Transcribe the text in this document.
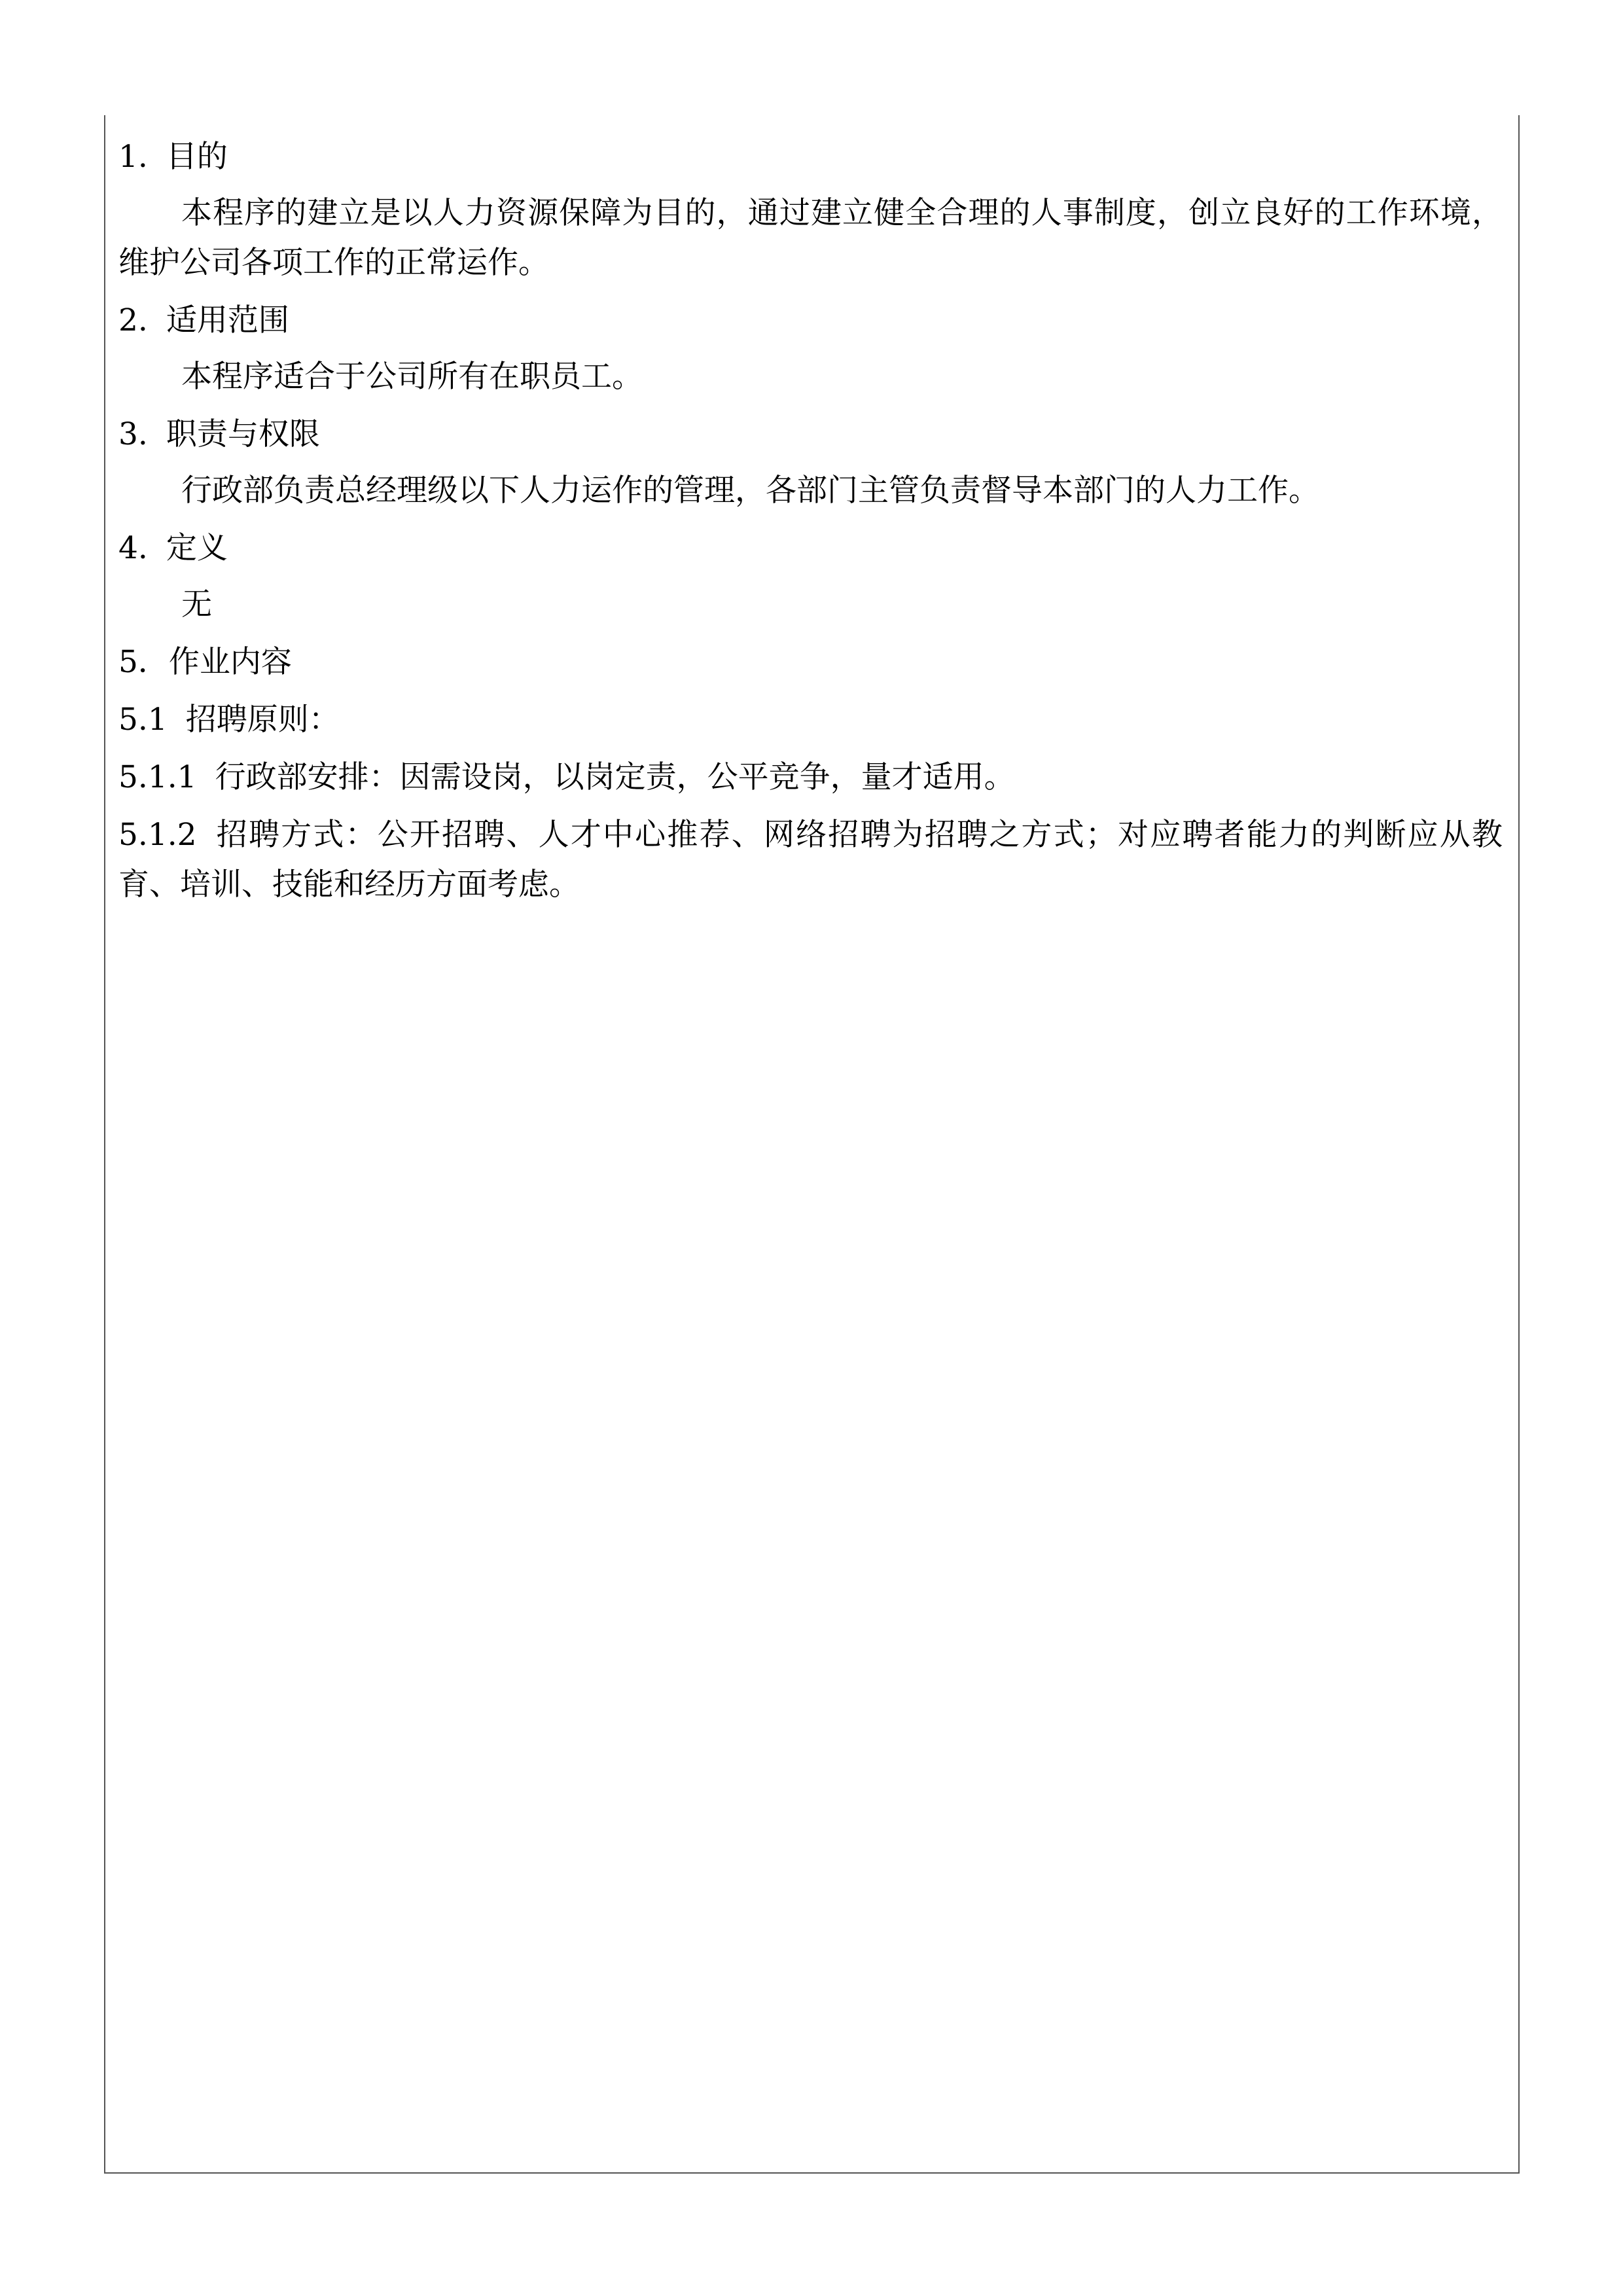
1. 目的

本程序的建立是以人力资源保障为目的，通过建立健全合理的人事制度，创立良好的工作环境，维护公司各项工作的正常运作。

2. 适用范围

本程序适合于公司所有在职员工。

3. 职责与权限

行政部负责总经理级以下人力运作的管理，各部门主管负责督导本部门的人力工作。

4. 定义

无

5．作业内容
5.1 招聘原则：

5.1.1 行政部安排：因需设岗，以岗定责，公平竞争，量才适用。

5.1.2 招聘方式：公开招聘、人才中心推荐、网络招聘为招聘之方式；对应聘者能力的判断应从教育、培训、技能和经历方面考虑。
